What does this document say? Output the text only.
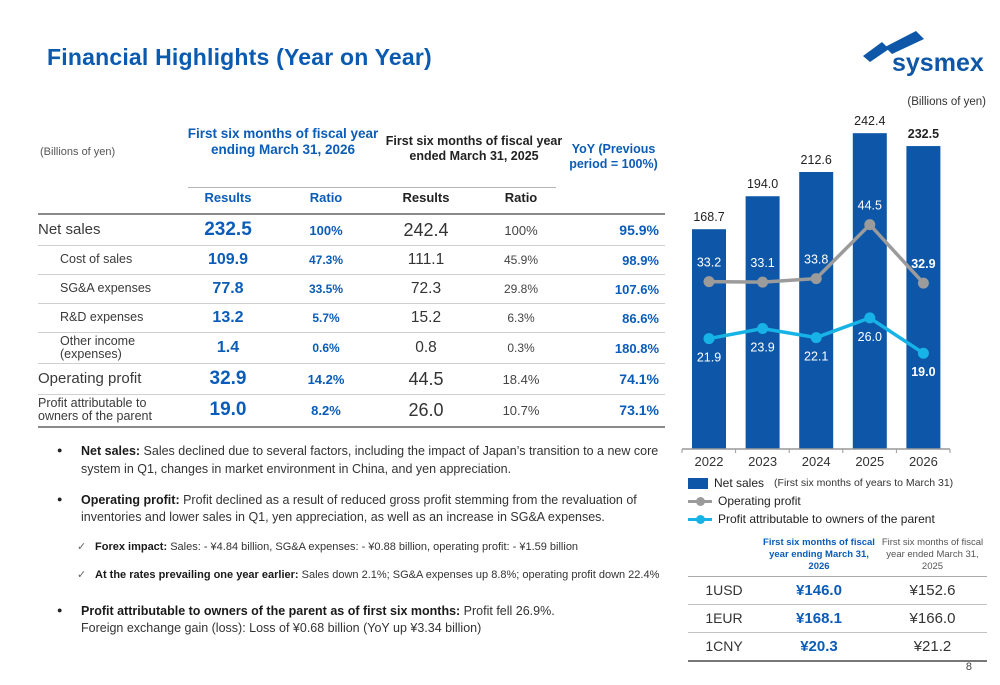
Financial Highlights (Year on Year)	sysmex
(Billions of yen)
First six months of fiscal year ending March 31, 2026
First six months of fiscal year ended March 31, 2025
YoY (Previous period = 100%)
Results	Ratio	Results	Ratio
Net sales	232.5	100%	242.4	100%	95.9%
Cost of sales	109.9	47.3%	111.1	45.9%	98.9%
SG&A expenses	77.8	33.5%	72.3	29.8%	107.6%
R&D expenses	13.2	5.7%	15.2	6.3%	86.6%
Other income (expenses)	1.4	0.6%	0.8	0.3%	180.8%
Operating profit	32.9	14.2%	44.5	18.4%	74.1%
Profit attributable to owners of the parent	19.0	8.2%	26.0	10.7%	73.1%
● Net sales: Sales declined due to several factors, including the impact of Japan’s transition to a new core system in Q1, changes in market environment in China, and yen appreciation.
● Operating profit: Profit declined as a result of reduced gross profit stemming from the revaluation of inventories and lower sales in Q1, yen appreciation, as well as an increase in SG&A expenses.
✓ Forex impact: Sales: - ¥4.84 billion, SG&A expenses: - ¥0.88 billion, operating profit: - ¥1.59 billion
✓ At the rates prevailing one year earlier: Sales down 2.1%; SG&A expenses up 8.8%; operating profit down 22.4%
● Profit attributable to owners of the parent as of first six months: Profit fell 26.9%.
Foreign exchange gain (loss): Loss of ¥0.68 billion (YoY up ¥3.34 billion)
(Billions of yen)
168.7
194.0
212.6
242.4
232.5
2022 2023 2024 2025 2026
33.2 33.1 33.8
44.5
32.9
21.9
23.9
22.1
26.0
19.0
Net sales (First six months of years to March 31)
Operating profit
Profit attributable to owners of the parent
First six months of fiscal year ending March 31, 2026
First six months of fiscal year ended March 31, 2025
1USD	¥146.0	¥152.6
1EUR	¥168.1	¥166.0
1CNY	¥20.3	¥21.2
8
